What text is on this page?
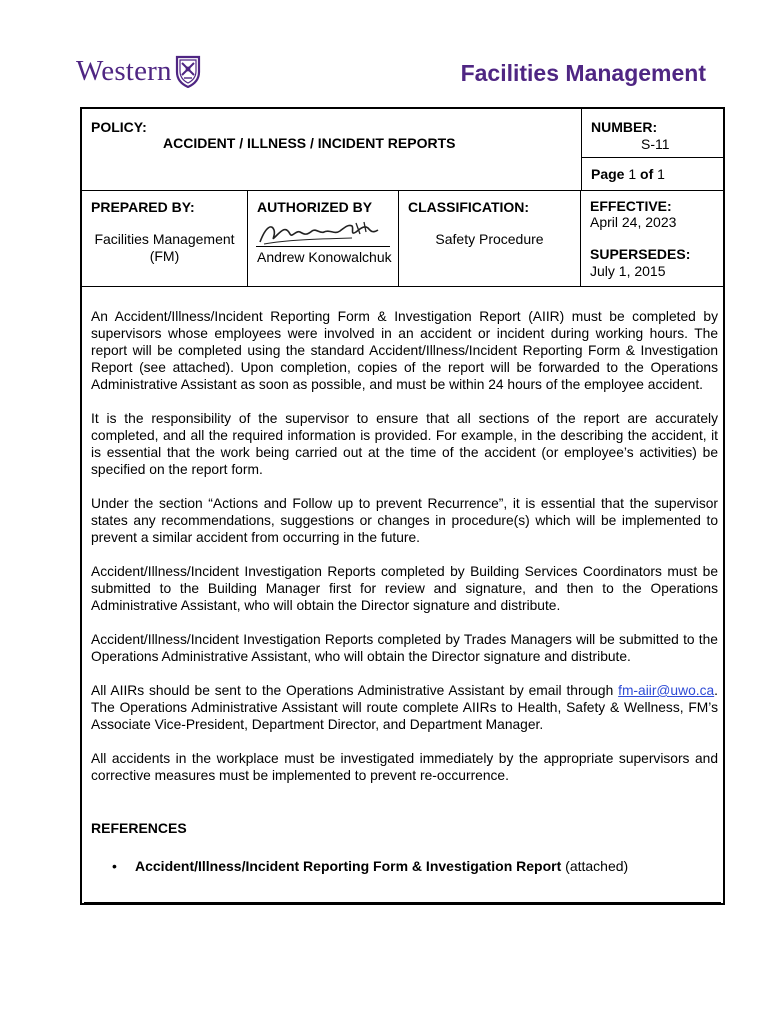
Western	Facilities Management
POLICY:
ACCIDENT / ILLNESS / INCIDENT REPORTS
NUMBER:
S-11
Page 1 of 1
PREPARED BY:
Facilities Management
(FM)
AUTHORIZED BY
Andrew Konowalchuk
CLASSIFICATION:
Safety Procedure
EFFECTIVE:
April 24, 2023
SUPERSEDES:
July 1, 2015

An Accident/Illness/Incident Reporting Form & Investigation Report (AIIR) must be completed by supervisors whose employees were involved in an accident or incident during working hours. The report will be completed using the standard Accident/Illness/Incident Reporting Form & Investigation Report (see attached). Upon completion, copies of the report will be forwarded to the Operations Administrative Assistant as soon as possible, and must be within 24 hours of the employee accident.

It is the responsibility of the supervisor to ensure that all sections of the report are accurately completed, and all the required information is provided. For example, in the describing the accident, it is essential that the work being carried out at the time of the accident (or employee’s activities) be specified on the report form.

Under the section “Actions and Follow up to prevent Recurrence”, it is essential that the supervisor states any recommendations, suggestions or changes in procedure(s) which will be implemented to prevent a similar accident from occurring in the future.

Accident/Illness/Incident Investigation Reports completed by Building Services Coordinators must be submitted to the Building Manager first for review and signature, and then to the Operations Administrative Assistant, who will obtain the Director signature and distribute.

Accident/Illness/Incident Investigation Reports completed by Trades Managers will be submitted to the Operations Administrative Assistant, who will obtain the Director signature and distribute.

All AIIRs should be sent to the Operations Administrative Assistant by email through fm-aiir@uwo.ca. The Operations Administrative Assistant will route complete AIIRs to Health, Safety & Wellness, FM’s Associate Vice-President, Department Director, and Department Manager.

All accidents in the workplace must be investigated immediately by the appropriate supervisors and corrective measures must be implemented to prevent re-occurrence.

REFERENCES
• Accident/Illness/Incident Reporting Form & Investigation Report (attached)
